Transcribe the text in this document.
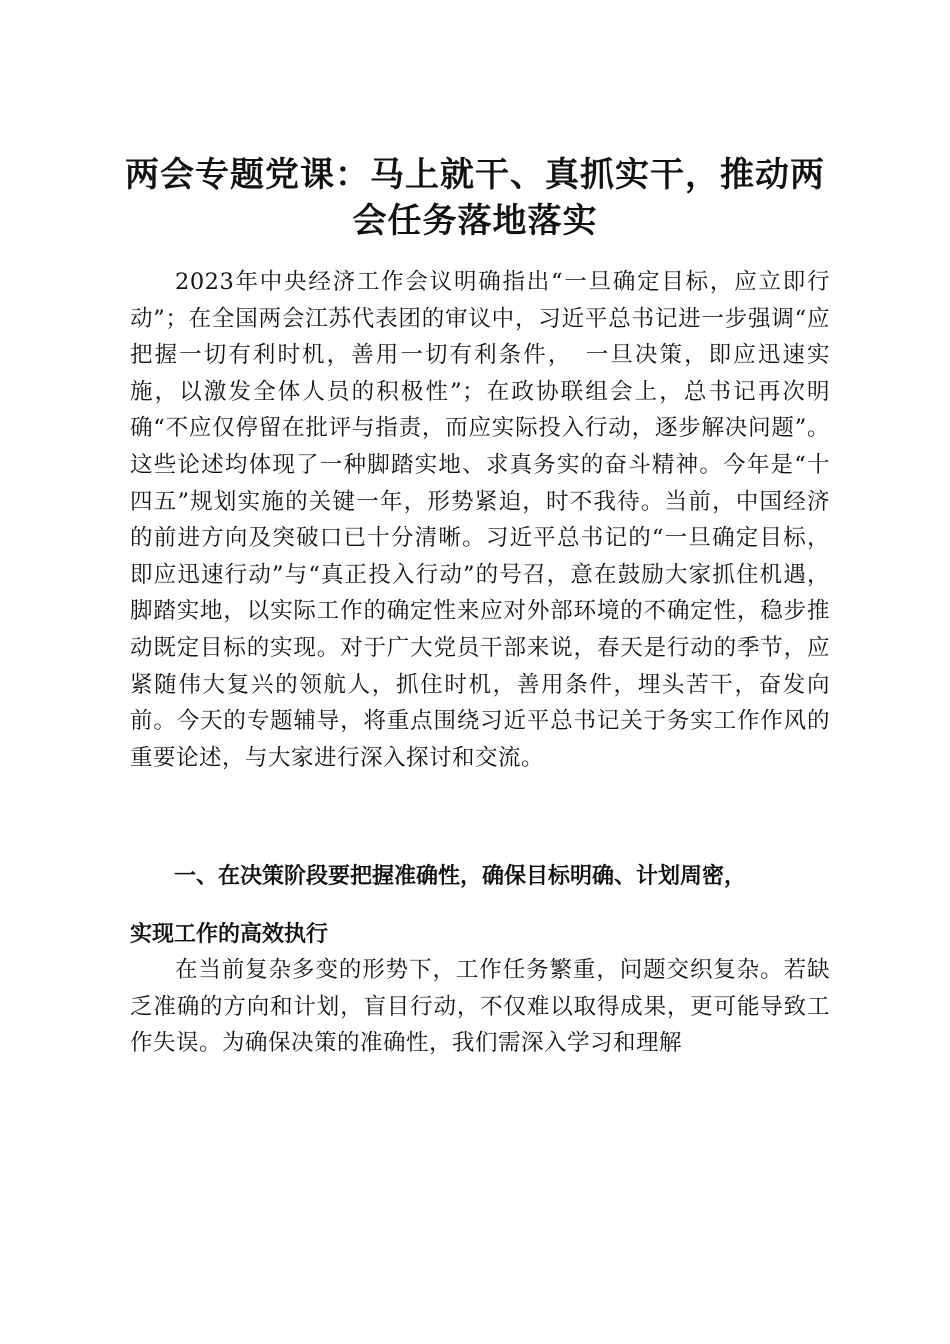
两会专题党课：马上就干、真抓实干，推动两会任务落地落实

2023年中央经济工作会议明确指出“一旦确定目标，应立即行动”；在全国两会江苏代表团的审议中，习近平总书记进一步强调“应把握一切有利时机，善用一切有利条件，　一旦决策，即应迅速实施，以激发全体人员的积极性”；在政协联组会上，总书记再次明确“不应仅停留在批评与指责，而应实际投入行动，逐步解决问题”。这些论述均体现了一种脚踏实地、求真务实的奋斗精神。今年是“十四五”规划实施的关键一年，形势紧迫，时不我待。当前，中国经济的前进方向及突破口已十分清晰。习近平总书记的“一旦确定目标，即应迅速行动”与“真正投入行动”的号召，意在鼓励大家抓住机遇，脚踏实地，以实际工作的确定性来应对外部环境的不确定性，稳步推动既定目标的实现。对于广大党员干部来说，春天是行动的季节，应紧随伟大复兴的领航人，抓住时机，善用条件，埋头苦干，奋发向前。今天的专题辅导，将重点围绕习近平总书记关于务实工作作风的重要论述，与大家进行深入探讨和交流。

一、在决策阶段要把握准确性，确保目标明确、计划周密，
实现工作的高效执行

在当前复杂多变的形势下，工作任务繁重，问题交织复杂。若缺乏准确的方向和计划，盲目行动，不仅难以取得成果，更可能导致工作失误。为确保决策的准确性，我们需深入学习和理解
